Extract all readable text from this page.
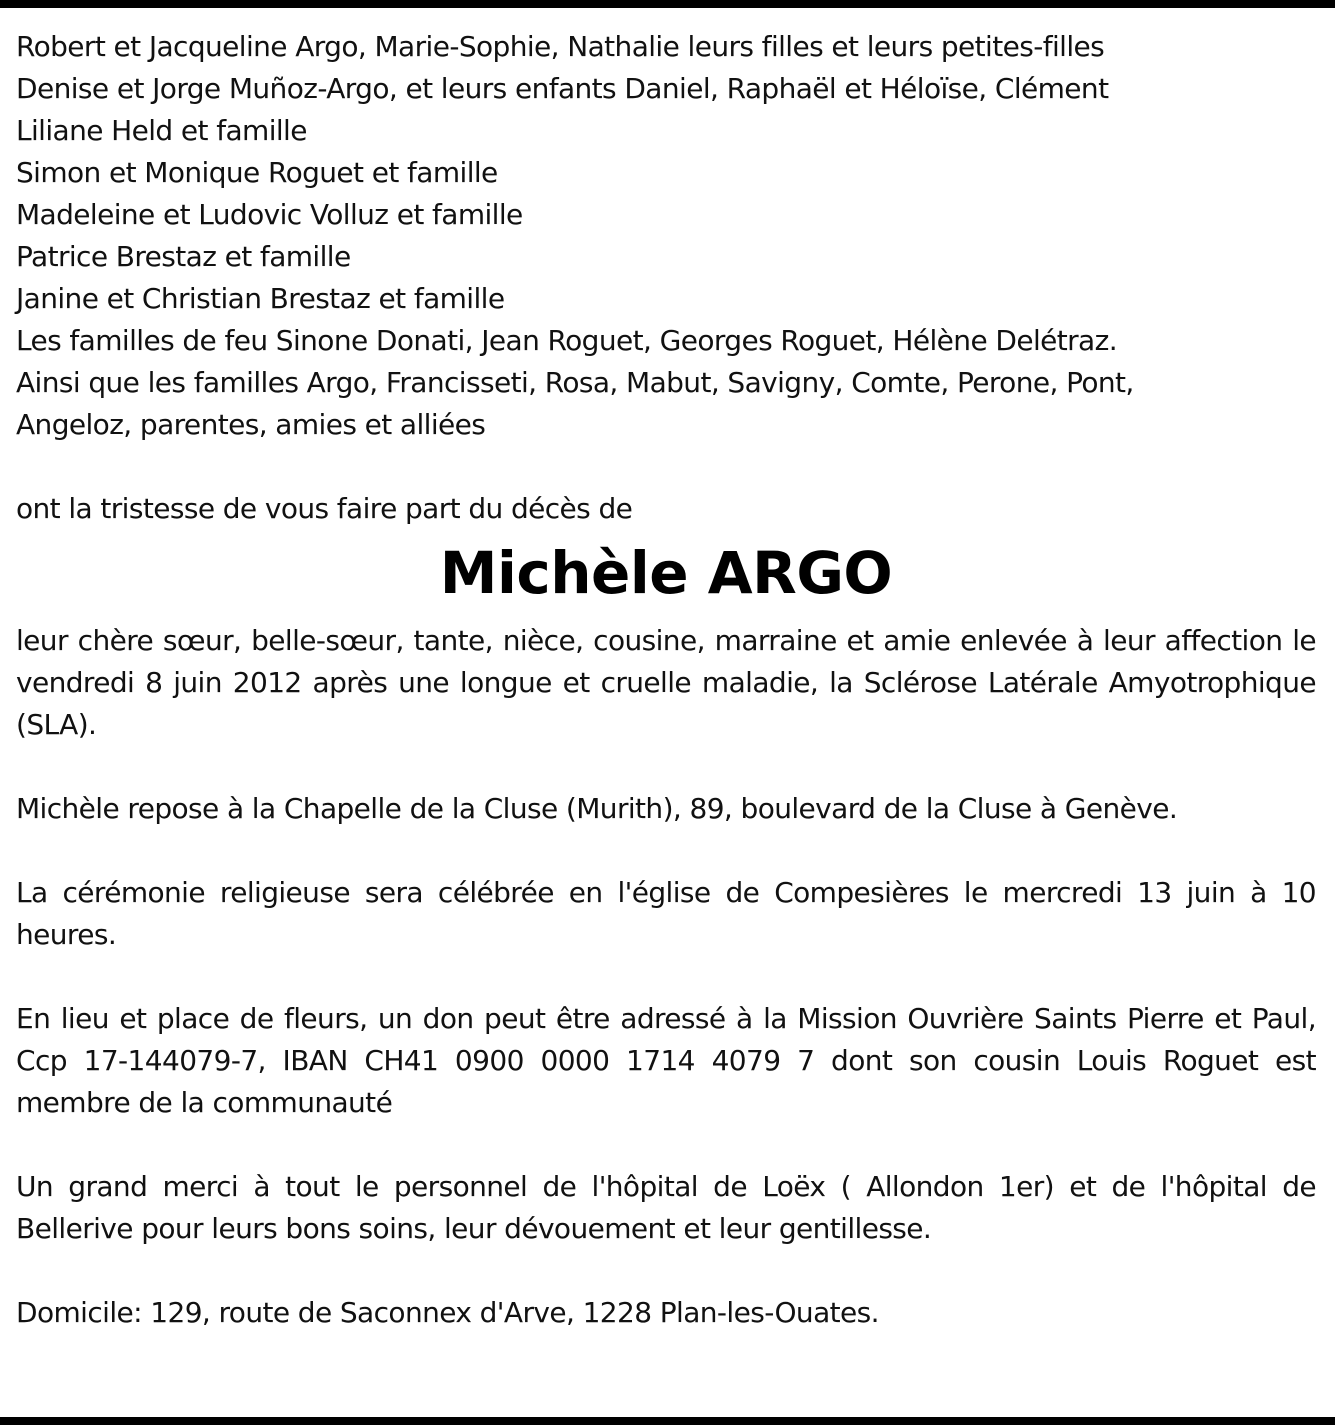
Robert et Jacqueline Argo, Marie-Sophie, Nathalie leurs filles et leurs petites-filles

Denise et Jorge Muñoz-Argo, et leurs enfants Daniel, Raphaël et Héloïse, Clément

Liliane Held et famille

Simon et Monique Roguet et famille

Madeleine et Ludovic Volluz et famille

Patrice Brestaz et famille

Janine et Christian Brestaz et famille

Les familles de feu Sinone Donati, Jean Roguet, Georges Roguet, Hélène Delétraz.

Ainsi que les familles Argo, Francisseti, Rosa, Mabut, Savigny, Comte, Perone, Pont,

Angeloz, parentes, amies et alliées

ont la tristesse de vous faire part du décès de

Michèle ARGO

leur chère sœur, belle-sœur, tante, nièce, cousine, marraine et amie enlevée à leur affection le vendredi 8 juin 2012 après une longue et cruelle maladie, la Sclérose Latérale Amyotrophique (SLA).

Michèle repose à la Chapelle de la Cluse (Murith), 89, boulevard de la Cluse à Genève.

La cérémonie religieuse sera célébrée en l'église de Compesières le mercredi 13 juin à 10 heures.

En lieu et place de fleurs, un don peut être adressé à la Mission Ouvrière Saints Pierre et Paul, Ccp 17-144079-7, IBAN CH41 0900 0000 1714 4079 7 dont son cousin Louis Roguet est membre de la communauté

Un grand merci à tout le personnel de l'hôpital de Loëx ( Allondon 1er) et de l'hôpital de Bellerive pour leurs bons soins, leur dévouement et leur gentillesse.

Domicile: 129, route de Saconnex d'Arve, 1228 Plan-les-Ouates.
